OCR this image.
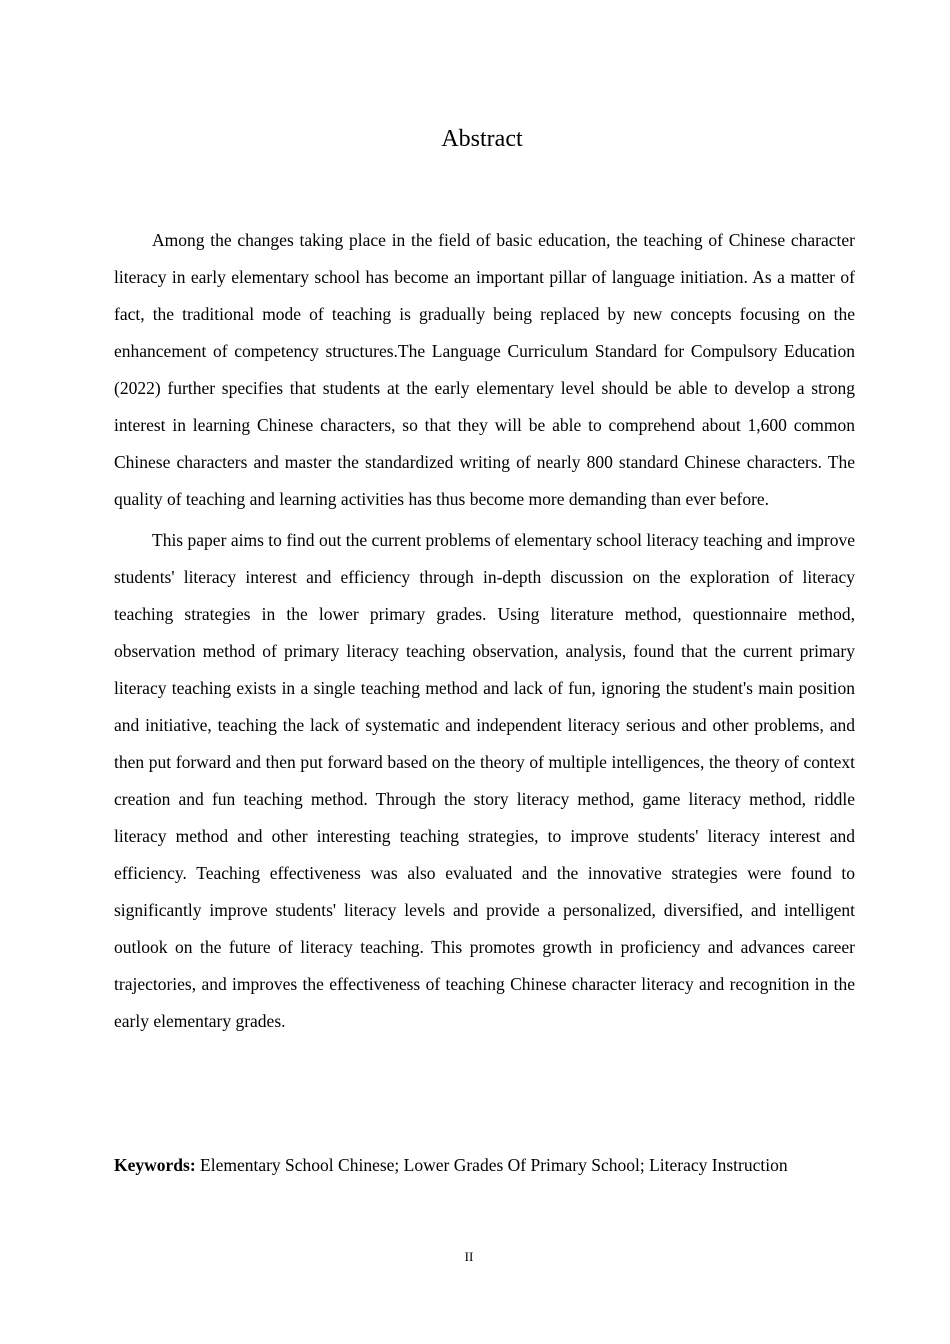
Abstract

Among the changes taking place in the field of basic education, the teaching of Chinese character literacy in early elementary school has become an important pillar of language initiation. As a matter of fact, the traditional mode of teaching is gradually being replaced by new concepts focusing on the enhancement of competency structures.The Language Curriculum Standard for Compulsory Education (2022) further specifies that students at the early elementary level should be able to develop a strong interest in learning Chinese characters, so that they will be able to comprehend about 1,600 common Chinese characters and master the standardized writing of nearly 800 standard Chinese characters. The quality of teaching and learning activities has thus become more demanding than ever before.

This paper aims to find out the current problems of elementary school literacy teaching and improve students' literacy interest and efficiency through in-depth discussion on the exploration of literacy teaching strategies in the lower primary grades. Using literature method, questionnaire method, observation method of primary literacy teaching observation, analysis, found that the current primary literacy teaching exists in a single teaching method and lack of fun, ignoring the student's main position and initiative, teaching the lack of systematic and independent literacy serious and other problems, and then put forward and then put forward based on the theory of multiple intelligences, the theory of context creation and fun teaching method. Through the story literacy method, game literacy method, riddle literacy method and other interesting teaching strategies, to improve students' literacy interest and efficiency. Teaching effectiveness was also evaluated and the innovative strategies were found to significantly improve students' literacy levels and provide a personalized, diversified, and intelligent outlook on the future of literacy teaching. This promotes growth in proficiency and advances career trajectories, and improves the effectiveness of teaching Chinese character literacy and recognition in the early elementary grades.

Keywords: Elementary School Chinese; Lower Grades Of Primary School; Literacy Instruction

II
